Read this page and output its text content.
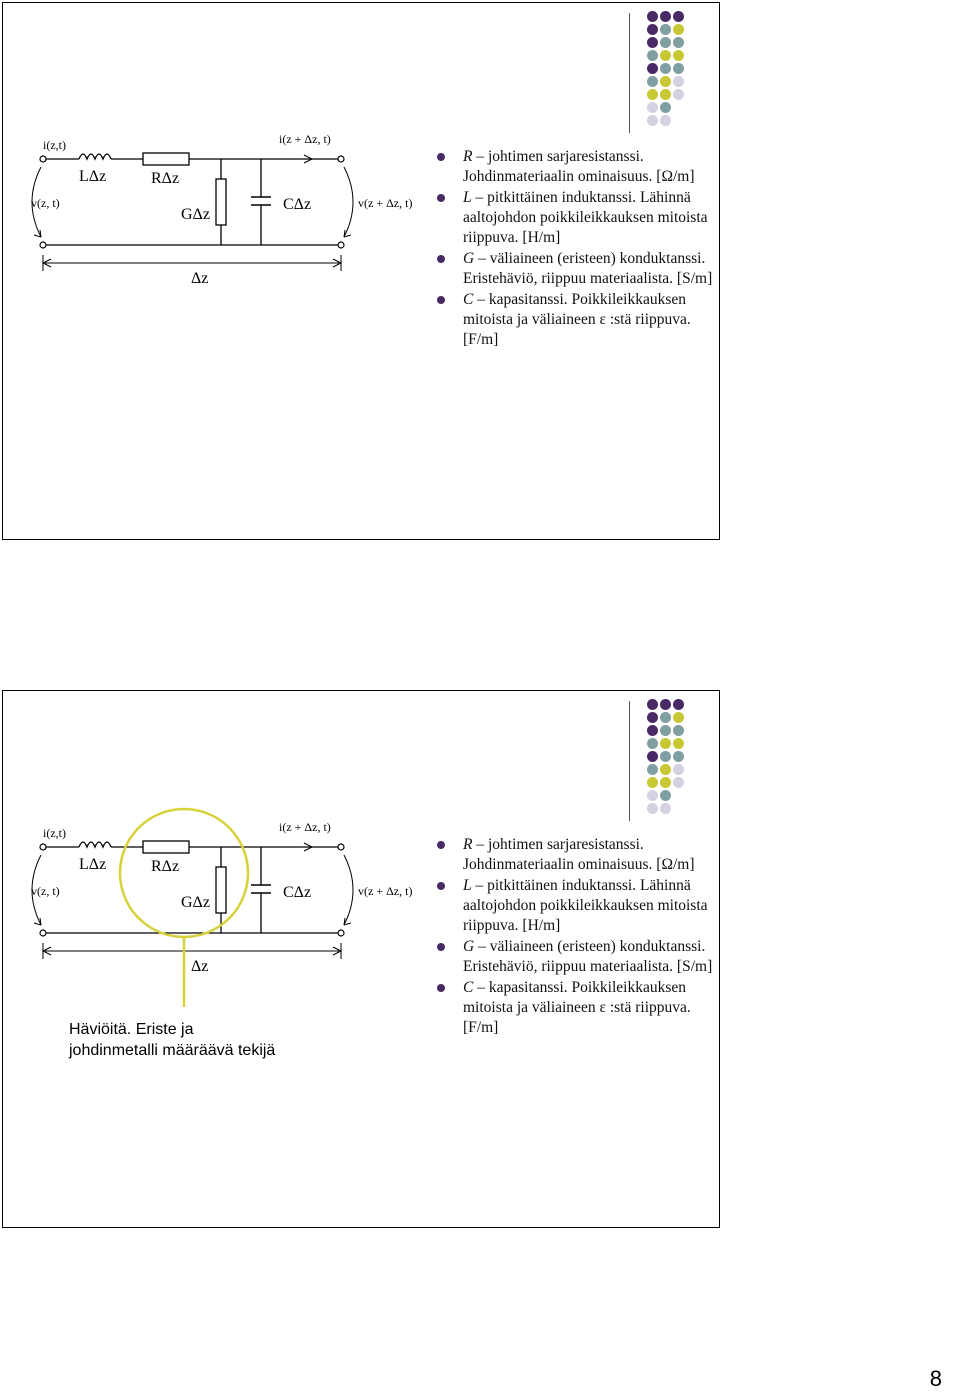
i(z,t)	i(z + Δz, t)
v(z, t)	v(z + Δz, t)
LΔz	RΔz
GΔz
CΔz
Δz
R – johtimen sarjaresistanssi. Johdinmateriaalin ominaisuus. [Ω/m]
L – pitkittäinen induktanssi. Lähinnä aaltojohdon poikkileikkauksen mitoista riippuva. [H/m]
G – väliaineen (eristeen) konduktanssi. Eristehäviö, riippuu materiaalista. [S/m]
C – kapasitanssi. Poikkileikkauksen mitoista ja väliaineen ε :stä riippuva. [F/m]
i(z,t)	i(z + Δz, t)
v(z, t)	v(z + Δz, t)
LΔz	RΔz
GΔz
CΔz
Δz
Häviöitä. Eriste ja
johdinmetalli määräävä tekijä
R – johtimen sarjaresistanssi. Johdinmateriaalin ominaisuus. [Ω/m]
L – pitkittäinen induktanssi. Lähinnä aaltojohdon poikkileikkauksen mitoista riippuva. [H/m]
G – väliaineen (eristeen) konduktanssi. Eristehäviö, riippuu materiaalista. [S/m]
C – kapasitanssi. Poikkileikkauksen mitoista ja väliaineen ε :stä riippuva. [F/m]
8
